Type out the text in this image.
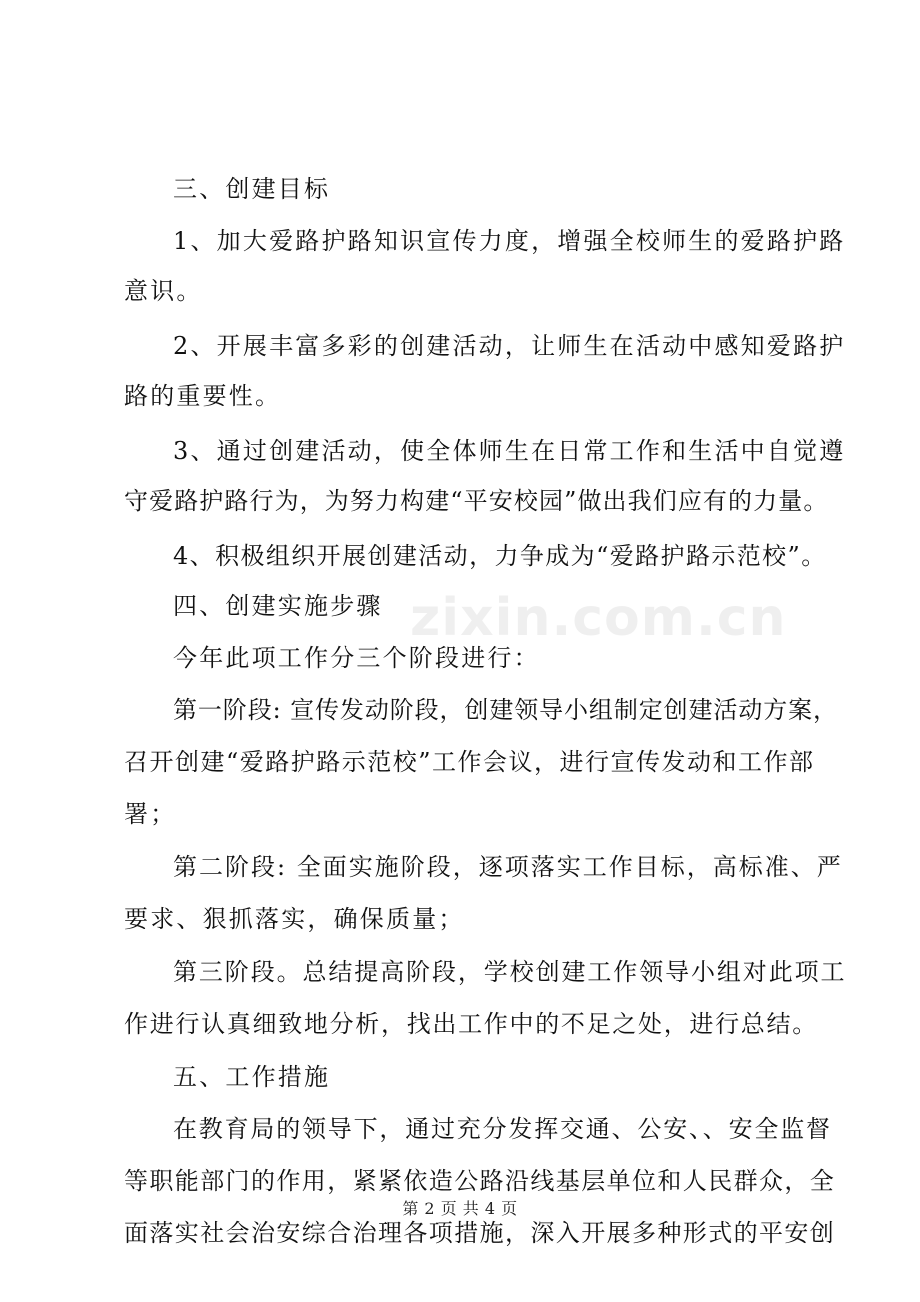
zixin.com.cn
三、创建目标
1、加大爱路护路知识宣传力度，增强全校师生的爱路护路
意识。
2、开展丰富多彩的创建活动，让师生在活动中感知爱路护
路的重要性。
3、通过创建活动，使全体师生在日常工作和生活中自觉遵
守爱路护路行为，为努力构建“平安校园”做出我们应有的力量。
4、积极组织开展创建活动，力争成为“爱路护路示范校”。
四、创建实施步骤
今年此项工作分三个阶段进行：
第一阶段: 宣传发动阶段，创建领导小组制定创建活动方案，
召开创建“爱路护路示范校”工作会议，进行宣传发动和工作部
署；
第二阶段: 全面实施阶段，逐项落实工作目标，高标准、严
要求、狠抓落实，确保质量；
第三阶段。总结提高阶段，学校创建工作领导小组对此项工
作进行认真细致地分析，找出工作中的不足之处，进行总结。
五、工作措施
在教育局的领导下，通过充分发挥交通、公安、、安全监督
等职能部门的作用，紧紧依造公路沿线基层单位和人民群众，全
面落实社会治安综合治理各项措施，深入开展多种形式的平安创
第 2 页 共 4 页
